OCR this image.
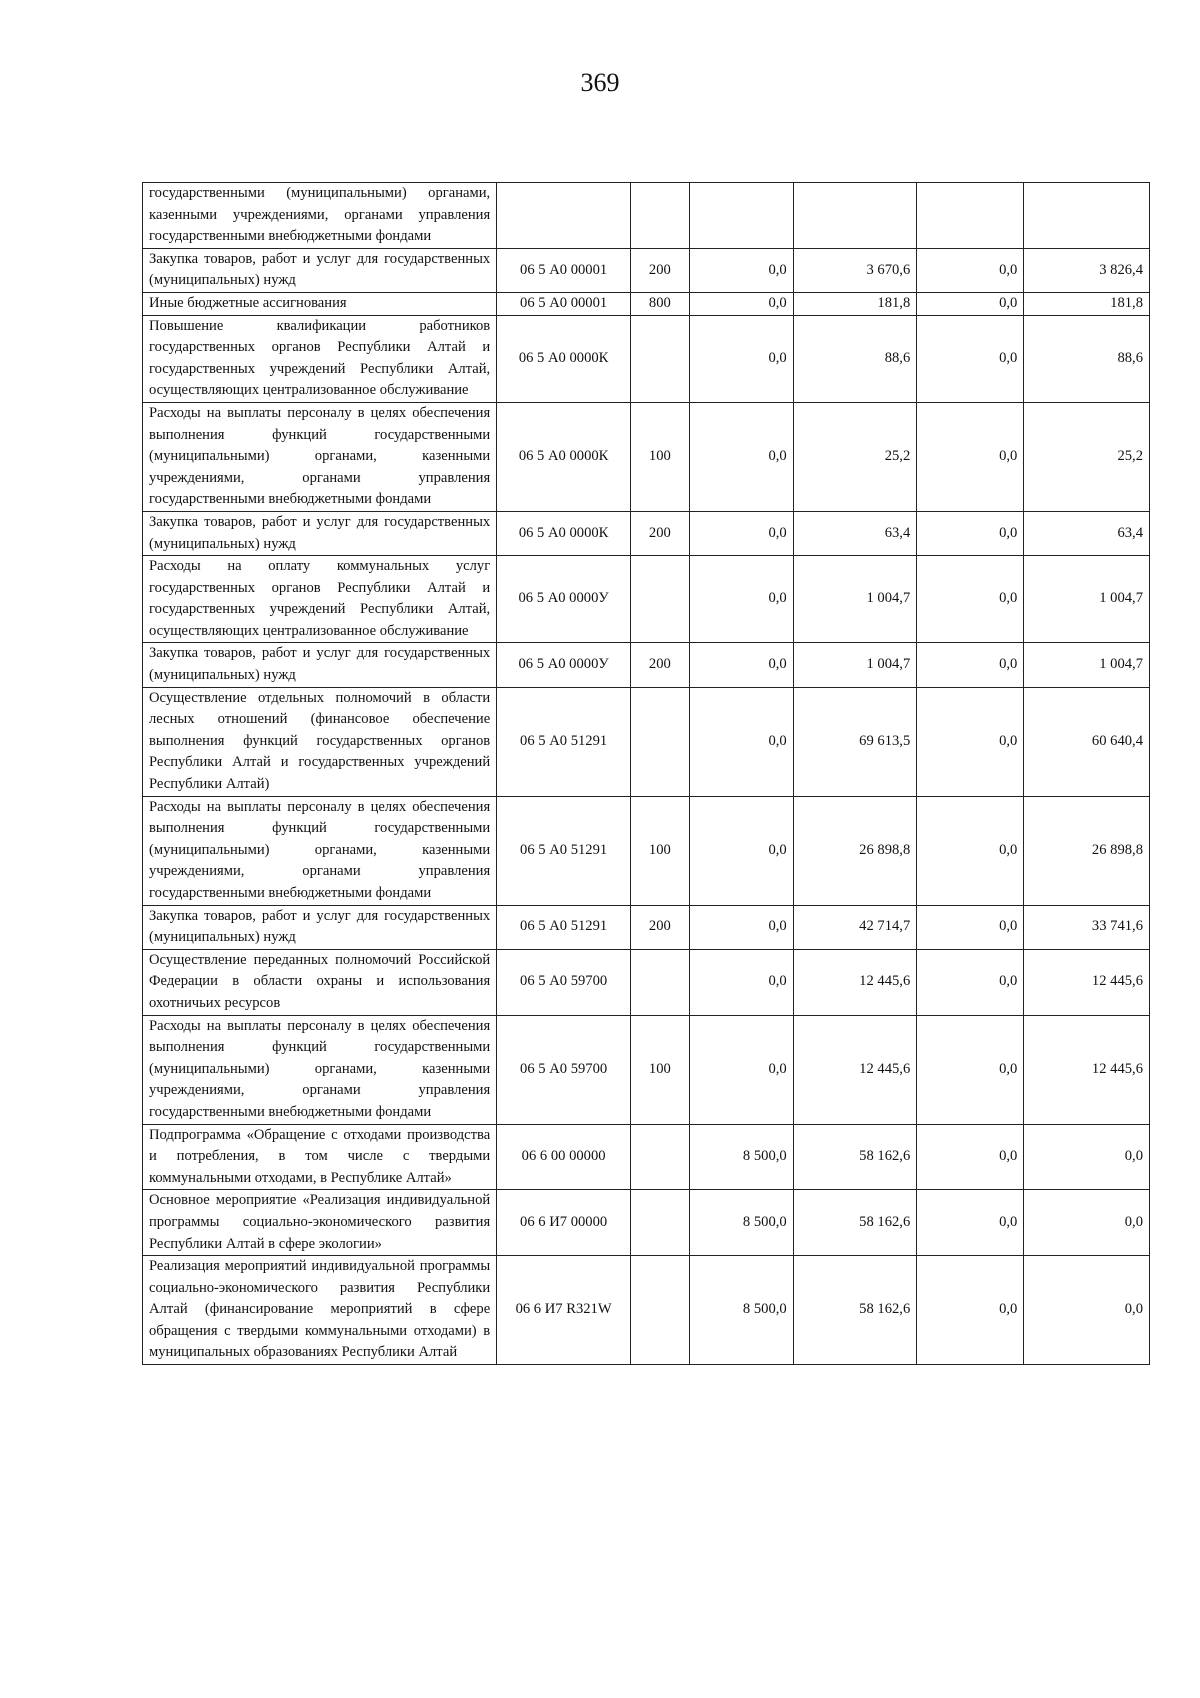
369
государственными (муниципальными) органами, казенными учреждениями, органами управления государственными внебюджетными фондами						
Закупка товаров, работ и услуг для государственных (муниципальных) нужд	06 5 А0 00001	200	0,0	3 670,6	0,0	3 826,4
Иные бюджетные ассигнования	06 5 А0 00001	800	0,0	181,8	0,0	181,8
Повышение квалификации работников государственных органов Республики Алтай и государственных учреждений Республики Алтай, осуществляющих централизованное обслуживание	06 5 А0 0000К		0,0	88,6	0,0	88,6
Расходы на выплаты персоналу в целях обеспечения выполнения функций государственными (муниципальными) органами, казенными учреждениями, органами управления государственными внебюджетными фондами	06 5 А0 0000К	100	0,0	25,2	0,0	25,2
Закупка товаров, работ и услуг для государственных (муниципальных) нужд	06 5 А0 0000К	200	0,0	63,4	0,0	63,4
Расходы на оплату коммунальных услуг государственных органов Республики Алтай и государственных учреждений Республики Алтай, осуществляющих централизованное обслуживание	06 5 А0 0000У		0,0	1 004,7	0,0	1 004,7
Закупка товаров, работ и услуг для государственных (муниципальных) нужд	06 5 А0 0000У	200	0,0	1 004,7	0,0	1 004,7
Осуществление отдельных полномочий в области лесных отношений (финансовое обеспечение выполнения функций государственных органов Республики Алтай и государственных учреждений Республики Алтай)	06 5 А0 51291		0,0	69 613,5	0,0	60 640,4
Расходы на выплаты персоналу в целях обеспечения выполнения функций государственными (муниципальными) органами, казенными учреждениями, органами управления государственными внебюджетными фондами	06 5 А0 51291	100	0,0	26 898,8	0,0	26 898,8
Закупка товаров, работ и услуг для государственных (муниципальных) нужд	06 5 А0 51291	200	0,0	42 714,7	0,0	33 741,6
Осуществление переданных полномочий Российской Федерации в области охраны и использования охотничьих ресурсов	06 5 А0 59700		0,0	12 445,6	0,0	12 445,6
Расходы на выплаты персоналу в целях обеспечения выполнения функций государственными (муниципальными) органами, казенными учреждениями, органами управления государственными внебюджетными фондами	06 5 А0 59700	100	0,0	12 445,6	0,0	12 445,6
Подпрограмма «Обращение с отходами производства и потребления, в том числе с твердыми коммунальными отходами, в Республике Алтай»	06 6 00 00000		8 500,0	58 162,6	0,0	0,0
Основное мероприятие «Реализация индивидуальной программы социально-экономического развития Республики Алтай в сфере экологии»	06 6 И7 00000		8 500,0	58 162,6	0,0	0,0
Реализация мероприятий индивидуальной программы социально-экономического развития Республики Алтай (финансирование мероприятий в сфере обращения с твердыми коммунальными отходами) в муниципальных образованиях Республики Алтай	06 6 И7 R321W		8 500,0	58 162,6	0,0	0,0
